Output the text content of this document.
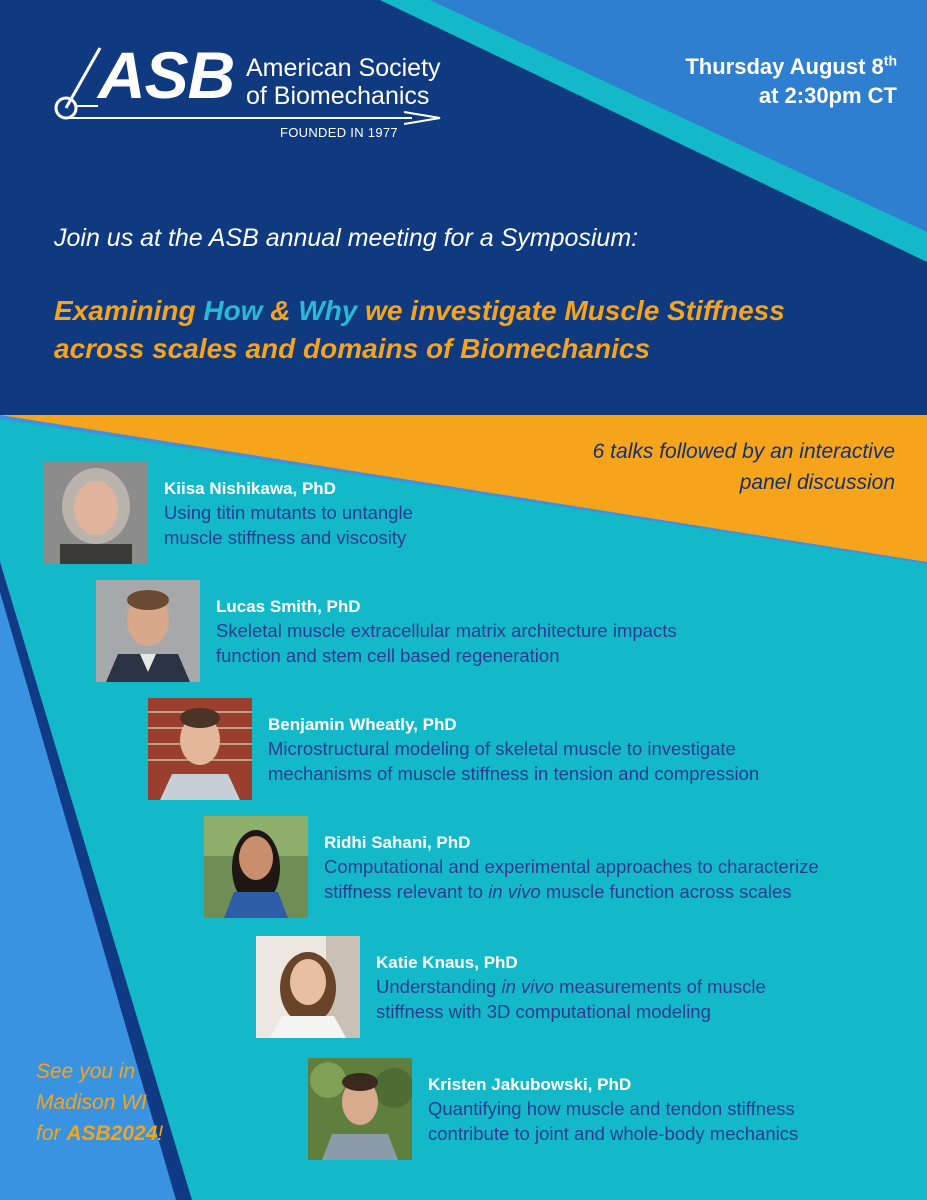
ASB American Society
of Biomechanics
FOUNDED IN 1977
Thursday August 8th
at 2:30pm CT
Join us at the ASB annual meeting for a Symposium:
Examining How & Why we investigate Muscle Stiffness
across scales and domains of Biomechanics
6 talks followed by an interactive
panel discussion
Kiisa Nishikawa, PhD
Using titin mutants to untangle
muscle stiffness and viscosity
Lucas Smith, PhD
Skeletal muscle extracellular matrix architecture impacts
function and stem cell based regeneration
Benjamin Wheatly, PhD
Microstructural modeling of skeletal muscle to investigate
mechanisms of muscle stiffness in tension and compression
Ridhi Sahani, PhD
Computational and experimental approaches to characterize
stiffness relevant to in vivo muscle function across scales
Katie Knaus, PhD
Understanding in vivo measurements of muscle
stiffness with 3D computational modeling
Kristen Jakubowski, PhD
Quantifying how muscle and tendon stiffness
contribute to joint and whole-body mechanics
See you in
Madison WI
for ASB2024!
